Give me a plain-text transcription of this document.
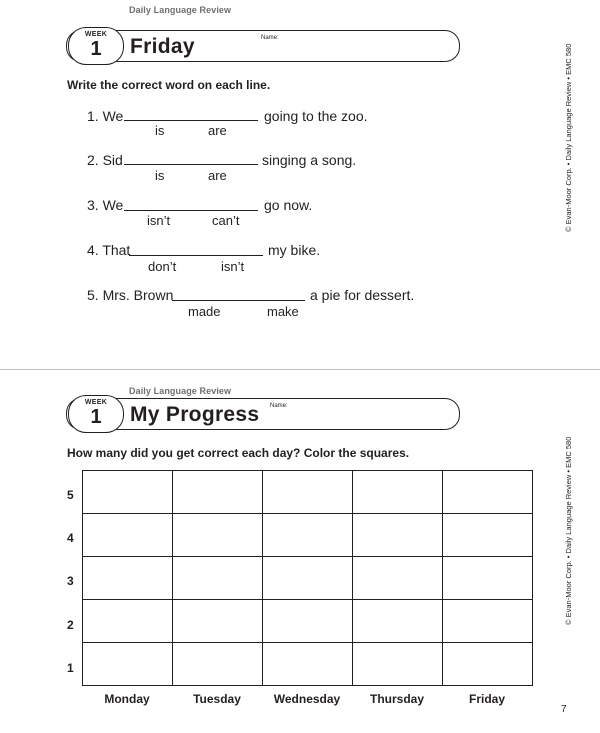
Daily Language Review
WEEK
1	Friday	Name:
Write the correct word on each line.
1. We	going to the zoo.
is	are
2. Sid	singing a song.
is	are
3. We	go now.
isn’t	can’t
4. That	my bike.
don’t	isn’t
5. Mrs. Brown	a pie for dessert.
made	make
© Evan-Moor Corp. • Daily Language Review • EMC 580
Daily Language Review
WEEK
1	My Progress Name:
How many did you get correct each day? Color the squares.

5
4
3
2
1
Monday	Tuesday	Wednesday	Thursday	Friday
© Evan-Moor Corp. • Daily Language Review • EMC 580
7
